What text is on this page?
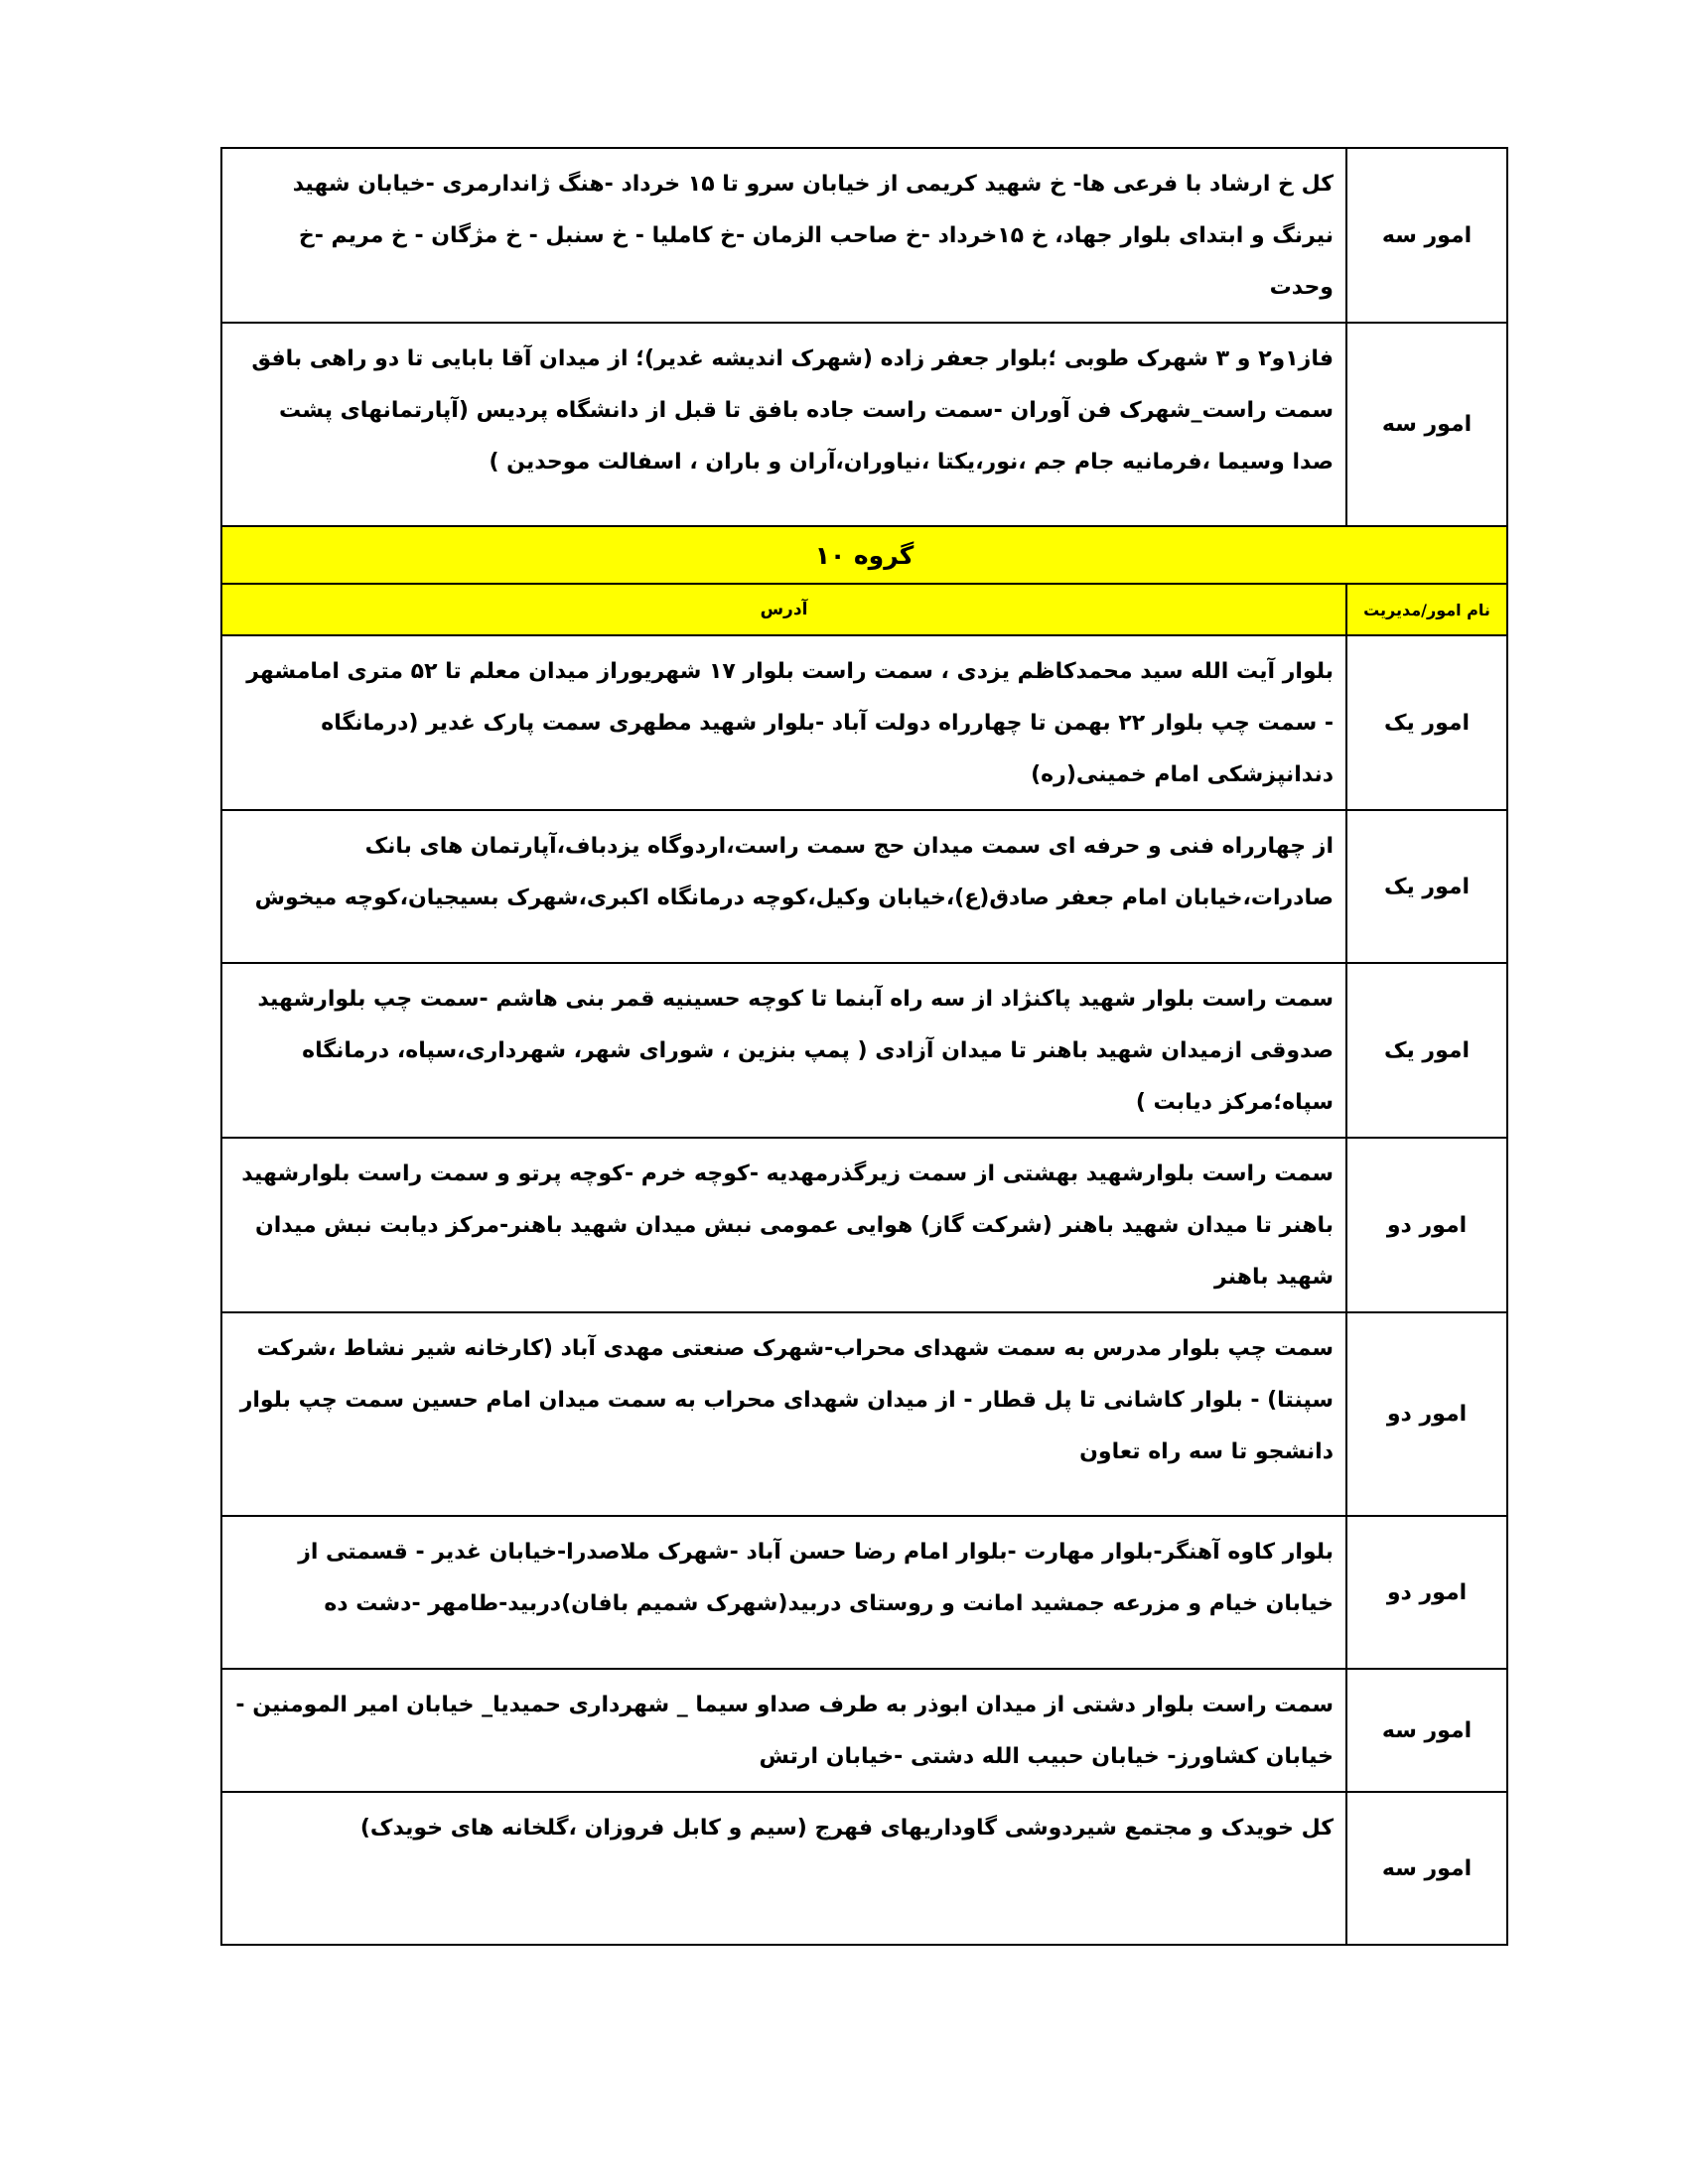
امور سه	کل خ ارشاد با فرعی ها- خ شهید کریمی از خیابان سرو تا ۱۵ خرداد -هنگ ژاندارمری -خیابان شهید نیرنگ و ابتدای بلوار جهاد، خ ۱۵خرداد -خ صاحب الزمان -خ کاملیا - خ سنبل - خ مژگان - خ مریم -خ وحدت

امور سه	فاز۱و۲ و ۳ شهرک طوبی ؛بلوار جعفر زاده (شهرک اندیشه غدیر)؛ از میدان آقا بابایی تا دو راهی بافق سمت راست_شهرک فن آوران -سمت راست جاده بافق تا قبل از دانشگاه پردیس (آپارتمانهای پشت صدا وسیما ،فرمانیه جام جم ،نور،یکتا ،نیاوران،آران و باران ، اسفالت موحدین )

گروه ۱۰	
نام امور/مدیریت	آدرس
امور یک	بلوار آیت الله سید محمدکاظم یزدی ، سمت راست بلوار ۱۷ شهریوراز میدان معلم تا ۵۲ متری امامشهر - سمت چپ بلوار ۲۲ بهمن تا چهارراه دولت آباد -بلوار شهید مطهری سمت پارک غدیر (درمانگاه دندانپزشکی امام خمینی(ره)

امور یک	از چهارراه فنی و حرفه ای سمت میدان حج سمت راست،اردوگاه یزدباف،آپارتمان های بانک صادرات،خیابان امام جعفر صادق(ع)،خیابان وکیل،کوچه درمانگاه اکبری،شهرک بسیجیان،کوچه میخوش

امور یک	سمت راست بلوار شهید پاکنژاد از سه راه آبنما تا کوچه حسینیه قمر بنی هاشم -سمت چپ بلوارشهید صدوقی ازمیدان شهید باهنر تا میدان آزادی ( پمپ بنزین ، شورای شهر، شهرداری،سپاه، درمانگاه سپاه؛مرکز دیابت )

امور دو	سمت راست بلوارشهید بهشتی از سمت زیرگذرمهدیه -کوچه خرم -کوچه پرتو و سمت راست بلوارشهید باهنر تا میدان شهید باهنر (شرکت گاز) هوایی عمومی نبش میدان شهید باهنر-مرکز دیابت نبش میدان شهید باهنر

امور دو	سمت چپ بلوار مدرس به سمت شهدای محراب-شهرک صنعتی مهدی آباد (کارخانه شیر نشاط ،شرکت سپنتا) - بلوار کاشانی تا پل قطار - از میدان شهدای محراب به سمت میدان امام حسین سمت چپ بلوار دانشجو تا سه راه تعاون

امور دو	بلوار کاوه آهنگر-بلوار مهارت -بلوار امام رضا حسن آباد -شهرک ملاصدرا-خیابان غدیر - قسمتی از خیابان خیام و مزرعه جمشید امانت و روستای دربید(شهرک شمیم بافان)دربید-طامهر -دشت ده

امور سه	سمت راست بلوار دشتی از میدان ابوذر به طرف صداو سیما _ شهرداری حمیدیا_ خیابان امیر المومنین - خیابان کشاورز- خیابان حبیب الله دشتی -خیابان ارتش

امور سه	کل خویدک و مجتمع شیردوشی گاوداریهای فهرج (سیم و کابل فروزان ،گلخانه های خویدک)
